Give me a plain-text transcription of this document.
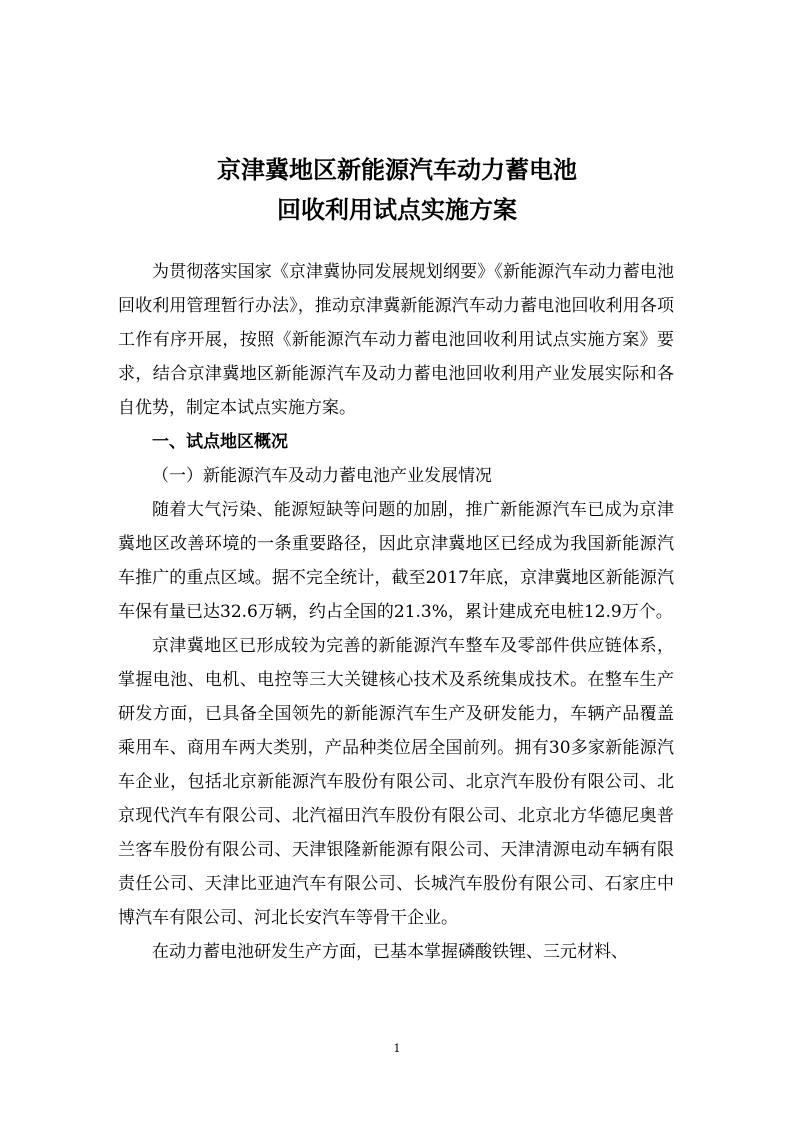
京津冀地区新能源汽车动力蓄电池
回收利用试点实施方案

为贯彻落实国家《京津冀协同发展规划纲要》《新能源汽车动力蓄电池回收利用管理暂行办法》，推动京津冀新能源汽车动力蓄电池回收利用各项工作有序开展，按照《新能源汽车动力蓄电池回收利用试点实施方案》要求，结合京津冀地区新能源汽车及动力蓄电池回收利用产业发展实际和各自优势，制定本试点实施方案。

一、试点地区概况

（一）新能源汽车及动力蓄电池产业发展情况

随着大气污染、能源短缺等问题的加剧，推广新能源汽车已成为京津冀地区改善环境的一条重要路径，因此京津冀地区已经成为我国新能源汽车推广的重点区域。据不完全统计，截至2017年底，京津冀地区新能源汽车保有量已达32.6万辆，约占全国的21.3%，累计建成充电桩12.9万个。

京津冀地区已形成较为完善的新能源汽车整车及零部件供应链体系，掌握电池、电机、电控等三大关键核心技术及系统集成技术。在整车生产研发方面，已具备全国领先的新能源汽车生产及研发能力，车辆产品覆盖乘用车、商用车两大类别，产品种类位居全国前列。拥有30多家新能源汽车企业，包括北京新能源汽车股份有限公司、北京汽车股份有限公司、北京现代汽车有限公司、北汽福田汽车股份有限公司、北京北方华德尼奥普兰客车股份有限公司、天津银隆新能源有限公司、天津清源电动车辆有限责任公司、天津比亚迪汽车有限公司、长城汽车股份有限公司、石家庄中博汽车有限公司、河北长安汽车等骨干企业。

在动力蓄电池研发生产方面，已基本掌握磷酸铁锂、三元材料、

1
